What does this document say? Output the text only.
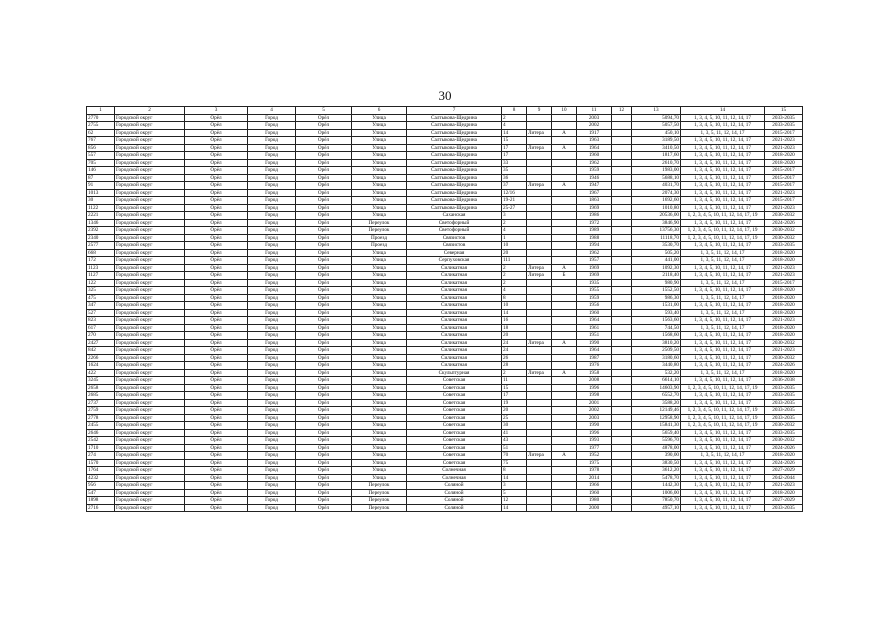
30
1	2	3	4	5	6	7	8	9	10	11	12	13	14	15
2770	Городской округ	Орёл	Город	Орёл	Улица	Салтыкова-Щедрина	2			2003		5094,70	1, 3, 4, 5, 10, 11, 12, 14, 17	2033-2035
2755	Городской округ	Орёл	Город	Орёл	Улица	Салтыкова-Щедрина	4			2002		5057,50	1, 3, 4, 5, 10, 11, 12, 14, 17	2033-2035
62	Городской округ	Орёл	Город	Орёл	Улица	Салтыкова-Щедрина	14	Литера	А	1917		450,10	1, 3, 5, 11, 12, 14, 17	2015-2017
767	Городской округ	Орёл	Город	Орёл	Улица	Салтыкова-Щедрина	15			1963		3189,50	1, 3, 4, 5, 10, 11, 12, 14, 17	2021-2023
856	Городской округ	Орёл	Город	Орёл	Улица	Салтыкова-Щедрина	17	Литера	А	1964		3410,50	1, 3, 4, 5, 10, 11, 12, 14, 17	2021-2023
557	Городской округ	Орёл	Город	Орёл	Улица	Салтыкова-Щедрина	17			1960		1817,60	1, 3, 4, 5, 10, 11, 12, 14, 17	2018-2020
705	Городской округ	Орёл	Город	Орёл	Улица	Салтыкова-Щедрина	33			1962		2610,70	1, 3, 4, 5, 10, 11, 12, 14, 17	2018-2020
146	Городской округ	Орёл	Город	Орёл	Улица	Салтыкова-Щедрина	35			1959		1983,00	1, 3, 4, 5, 10, 11, 12, 14, 17	2015-2017
87	Городской округ	Орёл	Город	Орёл	Улица	Салтыкова-Щедрина	36			1946		5688,10	1, 3, 4, 5, 10, 11, 12, 14, 17	2015-2017
91	Городской округ	Орёл	Город	Орёл	Улица	Салтыкова-Щедрина	37	Литера	А	1947		4031,70	1, 3, 4, 5, 10, 11, 12, 14, 17	2015-2017
1013	Городской округ	Орёл	Город	Орёл	Улица	Салтыкова-Щедрина	12/16			1967		2074,30	1, 3, 4, 5, 10, 11, 12, 14, 17	2021-2023
30	Городской округ	Орёл	Город	Орёл	Улица	Салтыкова-Щедрина	19-21			1863		1692,60	1, 3, 4, 5, 10, 11, 12, 14, 17	2015-2017
1122	Городской округ	Орёл	Город	Орёл	Улица	Салтыкова-Щедрина	25-27			1969		1010,80	1, 3, 4, 5, 10, 11, 12, 14, 17	2021-2023
2221	Городской округ	Орёл	Город	Орёл	Улица	Саханская	3			1986		20536,00	1, 2, 3, 4, 5, 10, 11, 12, 14, 17, 19	2030-2032
1346	Городской округ	Орёл	Город	Орёл	Переулок	Светофорный	2			1972		3846,90	1, 3, 4, 5, 10, 11, 12, 14, 17	2024-2026
2392	Городской округ	Орёл	Город	Орёл	Переулок	Светофорный	4			1989		13756,30	1, 2, 3, 4, 5, 10, 11, 12, 14, 17, 19	2030-2032
2340	Городской округ	Орёл	Город	Орёл	Проезд	Связистов	1			1988		11118,70	1, 2, 3, 4, 5, 10, 11, 12, 14, 17, 19	2030-2032
2577	Городской округ	Орёл	Город	Орёл	Проезд	Связистов	10			1994		3530,70	1, 3, 4, 5, 10, 11, 12, 14, 17	2033-2035
668	Городской округ	Орёл	Город	Орёл	Улица	Северная	20			1962		505,20	1, 3, 5, 11, 12, 14, 17	2018-2020
172	Городской округ	Орёл	Город	Орёл	Улица	Серпуховская	111			1957		441,00	1, 3, 5, 11, 12, 14, 17	2018-2020
1123	Городской округ	Орёл	Город	Орёл	Улица	Силикатная	2	Литера	А	1969		1092,30	1, 3, 4, 5, 10, 11, 12, 14, 17	2021-2023
1127	Городской округ	Орёл	Город	Орёл	Улица	Силикатная	2	Литера	Б	1969		2118,40	1, 3, 4, 5, 10, 11, 12, 14, 17	2021-2023
122	Городской округ	Орёл	Город	Орёл	Улица	Силикатная	2			1935		980,90	1, 3, 5, 11, 12, 14, 17	2015-2017
325	Городской округ	Орёл	Город	Орёл	Улица	Силикатная	4			1955		1552,50	1, 3, 4, 5, 10, 11, 12, 14, 17	2018-2020
475	Городской округ	Орёл	Город	Орёл	Улица	Силикатная	8			1959		986,30	1, 3, 5, 11, 12, 14, 17	2018-2020
347	Городской округ	Орёл	Город	Орёл	Улица	Силикатная	10			1956		1531,00	1, 3, 4, 5, 10, 11, 12, 14, 17	2018-2020
527	Городской округ	Орёл	Город	Орёл	Улица	Силикатная	14			1960		593,40	1, 3, 5, 11, 12, 14, 17	2018-2020
823	Городской округ	Орёл	Город	Орёл	Улица	Силикатная	16			1964		1563,60	1, 3, 4, 5, 10, 11, 12, 14, 17	2021-2023
617	Городской округ	Орёл	Город	Орёл	Улица	Силикатная	18			1961		744,50	1, 3, 5, 11, 12, 14, 17	2018-2020
270	Городской округ	Орёл	Город	Орёл	Улица	Силикатная	20			1951		1568,60	1, 3, 4, 5, 10, 11, 12, 14, 17	2018-2020
2427	Городской округ	Орёл	Город	Орёл	Улица	Силикатная	24	Литера	А	1990		3810,20	1, 3, 4, 5, 10, 11, 12, 14, 17	2030-2032
842	Городской округ	Орёл	Город	Орёл	Улица	Силикатная	24			1964		2509,50	1, 3, 4, 5, 10, 11, 12, 14, 17	2021-2023
2266	Городской округ	Орёл	Город	Орёл	Улица	Силикатная	26			1987		3180,60	1, 3, 4, 5, 10, 11, 12, 14, 17	2030-2032
1624	Городской округ	Орёл	Город	Орёл	Улица	Силикатная	28			1976		3440,80	1, 3, 4, 5, 10, 11, 12, 14, 17	2024-2026
422	Городской округ	Орёл	Город	Орёл	Улица	Скульптурная	2	Литера	А	1958		532,20	1, 3, 5, 11, 12, 14, 17	2018-2020
3245	Городской округ	Орёл	Город	Орёл	Улица	Советская	11			2008		6614,10	1, 3, 4, 5, 10, 11, 12, 14, 17	2036-2038
2658	Городской округ	Орёл	Город	Орёл	Улица	Советская	15			1996		14603,90	1, 2, 3, 4, 5, 10, 11, 12, 14, 17, 19	2033-2035
2685	Городской округ	Орёл	Город	Орёл	Улица	Советская	17			1998		6552,70	1, 3, 4, 5, 10, 11, 12, 14, 17	2033-2035
2737	Городской округ	Орёл	Город	Орёл	Улица	Советская	19			2001		3588,20	1, 3, 4, 5, 10, 11, 12, 14, 17	2033-2035
2759	Городской округ	Орёл	Город	Орёл	Улица	Советская	20			2002		12149,46	1, 2, 3, 4, 5, 10, 11, 12, 14, 17, 19	2033-2035
2778	Городской округ	Орёл	Город	Орёл	Улица	Советская	25			2003		12958,90	1, 2, 3, 4, 5, 10, 11, 12, 14, 17, 19	2033-2035
2455	Городской округ	Орёл	Город	Орёл	Улица	Советская	30			1990		15841,30	1, 2, 3, 4, 5, 10, 11, 12, 14, 17, 19	2030-2032
2646	Городской округ	Орёл	Город	Орёл	Улица	Советская	41			1996		5659,40	1, 3, 4, 5, 10, 11, 12, 14, 17	2033-2035
2542	Городской округ	Орёл	Город	Орёл	Улица	Советская	43			1993		5596,70	1, 3, 4, 5, 10, 11, 12, 14, 17	2030-2032
1710	Городской округ	Орёл	Город	Орёл	Улица	Советская	51			1977		4878,00	1, 3, 4, 5, 10, 11, 12, 14, 17	2024-2026
274	Городской округ	Орёл	Город	Орёл	Улица	Советская	70	Литера	А	1952		390,00	1, 3, 5, 11, 12, 14, 17	2018-2020
1570	Городской округ	Орёл	Город	Орёл	Улица	Советская	75			1975		3830,50	1, 3, 4, 5, 10, 11, 12, 14, 17	2024-2026
1764	Городской округ	Орёл	Город	Орёл	Улица	Солнечная	8			1978		3612,20	1, 3, 4, 5, 10, 11, 12, 14, 17	2027-2029
4232	Городской округ	Орёл	Город	Орёл	Улица	Солнечная	14			2014		5478,70	1, 3, 4, 5, 10, 11, 12, 14, 17	2042-2044
956	Городской округ	Орёл	Город	Орёл	Переулок	Соляной	3			1966		1442,30	1, 3, 4, 5, 10, 11, 12, 14, 17	2021-2023
547	Городской округ	Орёл	Город	Орёл	Переулок	Соляной	5			1960		1006,00	1, 3, 4, 5, 10, 11, 12, 14, 17	2018-2020
1898	Городской округ	Орёл	Город	Орёл	Переулок	Соляной	12			1980		7850,70	1, 3, 4, 5, 10, 11, 12, 14, 17	2027-2029
2716	Городской округ	Орёл	Город	Орёл	Переулок	Соляной	14			2000		4957,10	1, 3, 4, 5, 10, 11, 12, 14, 17	2033-2035
